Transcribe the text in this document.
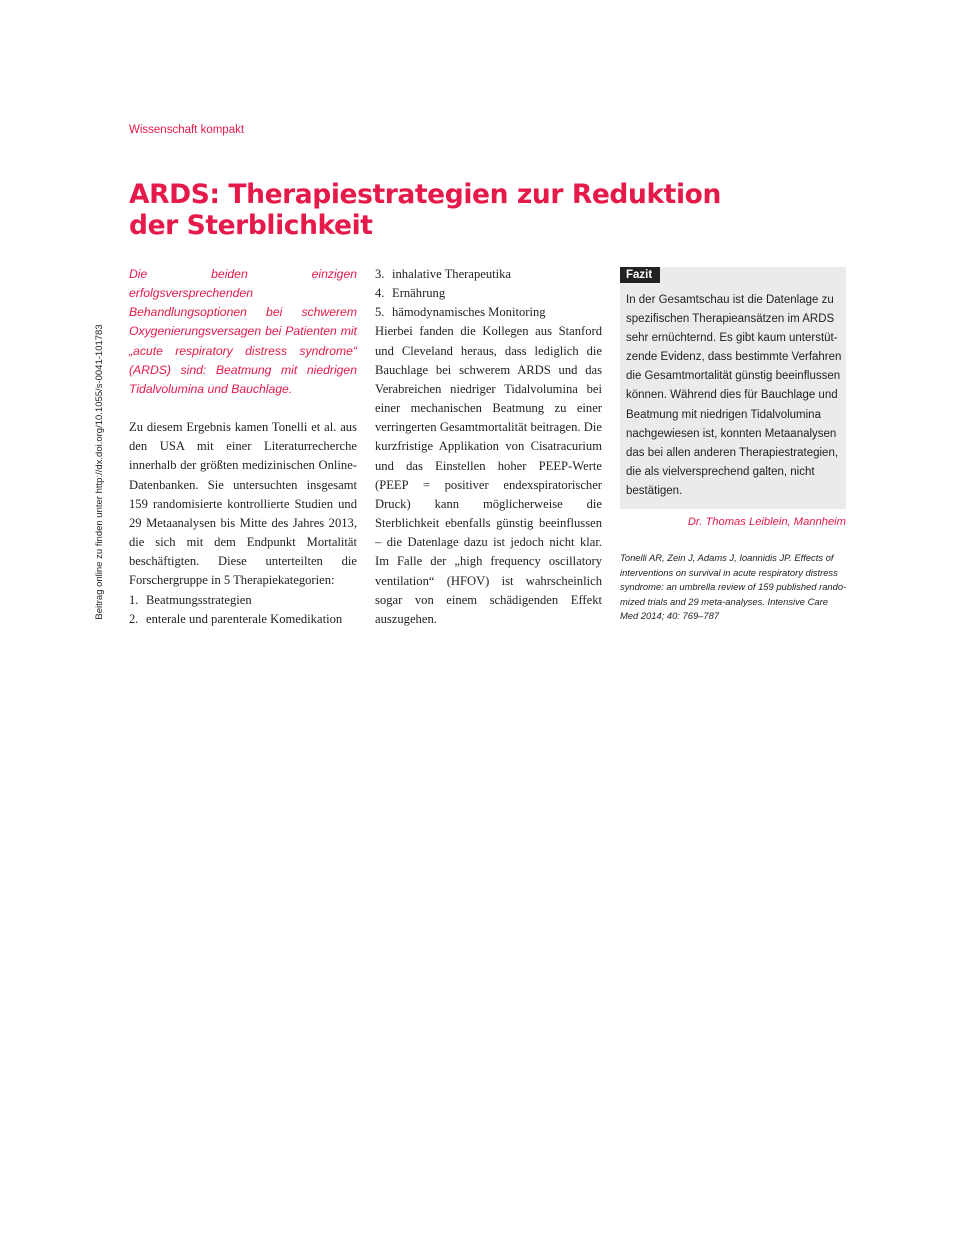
Wissenschaft kompakt
ARDS: Therapiestrategien zur Reduktion
der Sterblichkeit
Beitrag online zu finden unter http://dx.doi.org/10.1055/s-0041-101783

Die beiden einzigen erfolgsversprechenden Behandlungsoptionen bei schwerem Oxygenierungsversagen bei Patienten mit „acute respiratory distress syndrome“ (ARDS) sind: Beatmung mit niedrigen Tidalvolumina und Bauchlage.

Zu diesem Ergebnis kamen Tonelli et al. aus den USA mit einer Literaturrecherche innerhalb der größten medizinischen Online-Datenbanken. Sie untersuchten insgesamt 159 randomisierte kontrollierte Studien und 29 Metaanalysen bis Mitte des Jahres 2013, die sich mit dem Endpunkt Mortalität beschäftigten. Diese unterteilten die Forschergruppe in 5 Therapiekategorien:

1. Beatmungsstrategien
2. enterale und parenterale Komedikation
3. inhalative Therapeutika
4. Ernährung
5. hämodynamisches Monitoring

Hierbei fanden die Kollegen aus Stanford und Cleveland heraus, dass lediglich die Bauchlage bei schwerem ARDS und das Verabreichen niedriger Tidalvolumina bei einer mechanischen Beatmung zu einer verringerten Gesamtmortalität beitragen. Die kurzfristige Applikation von Cisatracurium und das Einstellen hoher PEEP-Werte (PEEP = positiver endexspiratorischer Druck) kann möglicherweise die Sterblichkeit ebenfalls günstig beeinflussen – die Datenlage dazu ist jedoch nicht klar. Im Falle der „high frequency oscillatory ventilation“ (HFOV) ist wahrscheinlich sogar von einem schädigenden Effekt auszugehen.

Fazit

In der Gesamtschau ist die Datenlage zu spezifischen Therapieansätzen im ARDS sehr ernüchternd. Es gibt kaum unterstützende Evidenz, dass bestimmte Verfahren die Gesamtmortalität günstig beeinflussen können. Während dies für Bauchlage und Beatmung mit niedrigen Tidalvolumina nachgewiesen ist, konnten Metaanalysen das bei allen anderen Therapiestrategien, die als vielversprechend galten, nicht bestätigen.

Dr. Thomas Leiblein, Mannheim

Tonelli AR, Zein J, Adams J, Ioannidis JP. Effects of interventions on survival in acute respiratory distress syndrome: an umbrella review of 159 published randomized trials and 29 meta-analyses. Intensive Care Med 2014; 40: 769–787
